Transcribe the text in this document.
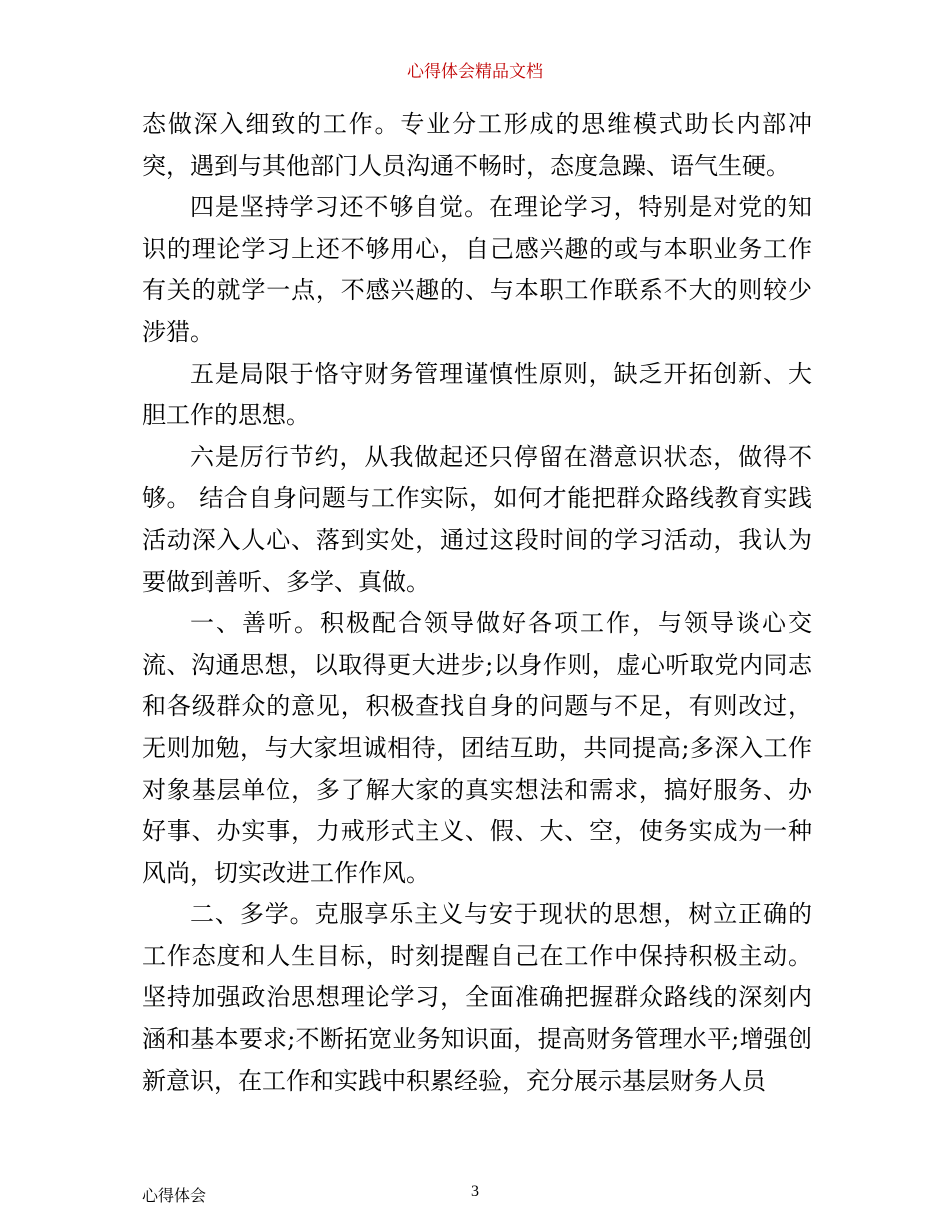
心得体会精品文档

态做深入细致的工作。专业分工形成的思维模式助长内部冲突，遇到与其他部门人员沟通不畅时，态度急躁、语气生硬。

四是坚持学习还不够自觉。在理论学习，特别是对党的知识的理论学习上还不够用心，自己感兴趣的或与本职业务工作有关的就学一点，不感兴趣的、与本职工作联系不大的则较少涉猎。

五是局限于恪守财务管理谨慎性原则，缺乏开拓创新、大胆工作的思想。

六是厉行节约，从我做起还只停留在潜意识状态，做得不够。 结合自身问题与工作实际，如何才能把群众路线教育实践活动深入人心、落到实处，通过这段时间的学习活动，我认为要做到善听、多学、真做。

一、善听。积极配合领导做好各项工作，与领导谈心交流、沟通思想，以取得更大进步;以身作则，虚心听取党内同志和各级群众的意见，积极查找自身的问题与不足，有则改过，无则加勉，与大家坦诚相待，团结互助，共同提高;多深入工作对象基层单位，多了解大家的真实想法和需求，搞好服务、办好事、办实事，力戒形式主义、假、大、空，使务实成为一种风尚，切实改进工作作风。

二、多学。克服享乐主义与安于现状的思想，树立正确的工作态度和人生目标，时刻提醒自己在工作中保持积极主动。坚持加强政治思想理论学习，全面准确把握群众路线的深刻内涵和基本要求;不断拓宽业务知识面，提高财务管理水平;增强创新意识，在工作和实践中积累经验，充分展示基层财务人员

心得体会	3
